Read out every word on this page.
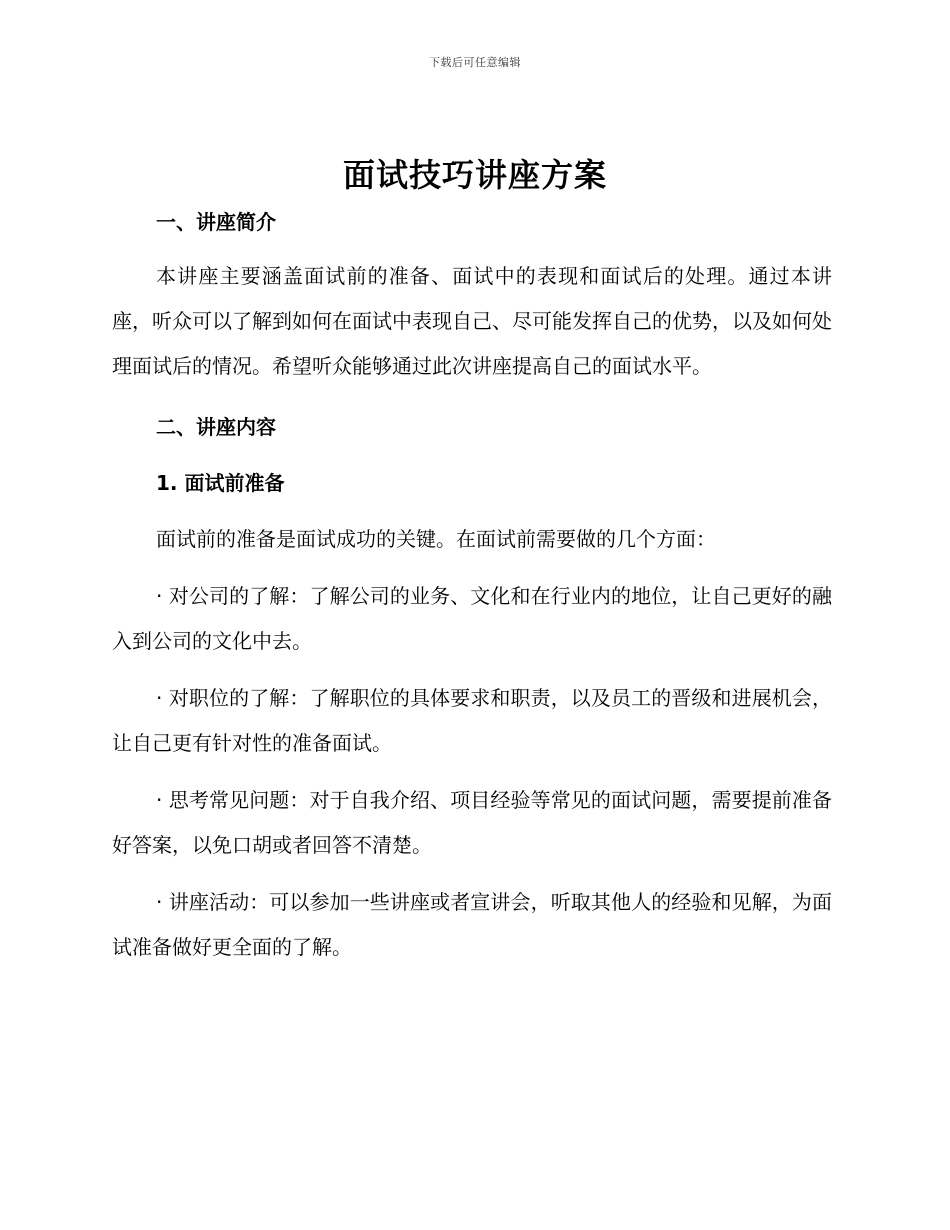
下载后可任意编辑
面试技巧讲座方案

一、讲座简介

本讲座主要涵盖面试前的准备、面试中的表现和面试后的处理。通过本讲座，听众可以了解到如何在面试中表现自己、尽可能发挥自己的优势，以及如何处理面试后的情况。希望听众能够通过此次讲座提高自己的面试水平。

二、讲座内容

1. 面试前准备

面试前的准备是面试成功的关键。在面试前需要做的几个方面：

· 对公司的了解：了解公司的业务、文化和在行业内的地位，让自己更好的融入到公司的文化中去。

· 对职位的了解：了解职位的具体要求和职责，以及员工的晋级和进展机会，让自己更有针对性的准备面试。

· 思考常见问题：对于自我介绍、项目经验等常见的面试问题，需要提前准备好答案，以免口胡或者回答不清楚。

· 讲座活动：可以参加一些讲座或者宣讲会，听取其他人的经验和见解，为面试准备做好更全面的了解。
